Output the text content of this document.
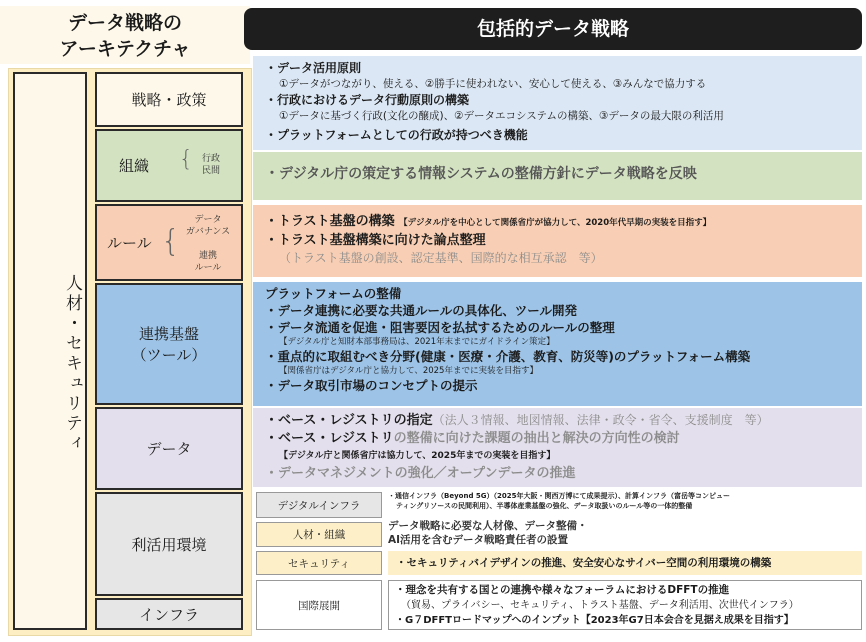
データ戦略の
アーキテクチャ
包括的データ戦略
人材・セキュリティ
戦略・政策
組織 { 行政
民間
ルール {
データ
ガバナンス
連携
ルール
連携基盤
（ツール）
データ
利活用環境
インフラ
・データ活用原則
①データがつながり、使える、②勝手に使われない、安心して使える、③みんなで協力する
・行政におけるデータ行動原則の構築
①データに基づく行政(文化の醸成)、②データエコシステムの構築、③データの最大限の利活用
・プラットフォームとしての行政が持つべき機能
・デジタル庁の策定する情報システムの整備方針にデータ戦略を反映
・トラスト基盤の構築 【デジタル庁を中心として関係省庁が協力して、2020年代早期の実装を目指す】
・トラスト基盤構築に向けた論点整理
（トラスト基盤の創設、認定基準、国際的な相互承認　等）
プラットフォームの整備
・データ連携に必要な共通ルールの具体化、ツール開発
・データ流通を促進・阻害要因を払拭するためのルールの整理
【デジタル庁と知財本部事務局は、2021年末までにガイドライン策定】
・重点的に取組むべき分野(健康・医療・介護、教育、防災等)のプラットフォーム構築
【関係省庁はデジタル庁と協力して、2025年までに実装を目指す】
・データ取引市場のコンセプトの提示
・ベース・レジストリの指定（法人３情報、地図情報、法律・政令・省令、支援制度　等）
・ベース・レジストリの整備に向けた課題の抽出と解決の方向性の検討
【デジタル庁と関係省庁は協力して、2025年までの実装を目指す】
・データマネジメントの強化／オープンデータの推進
デジタルインフラ
・通信インフラ（Beyond 5G）（2025年大阪・関西万博にて成果提示）、計算インフラ（富岳等コンピュー
ティングリソースの民間利用）、半導体産業基盤の強化、データ取扱いのルール等の一体的整備
人材・組織
データ戦略に必要な人材像、データ整備・
AI活用を含むデータ戦略責任者の設置
セキュリティ	・セキュリティバイデザインの推進、安全安心なサイバー空間の利用環境の構築
国際展開
・理念を共有する国との連携や様々なフォーラムにおけるDFFTの推進
（貿易、プライバシー、セキュリティ、トラスト基盤、データ利活用、次世代インフラ）
・G７DFFTロードマップへのインプット【2023年G7日本会合を見据え成果を目指す】
